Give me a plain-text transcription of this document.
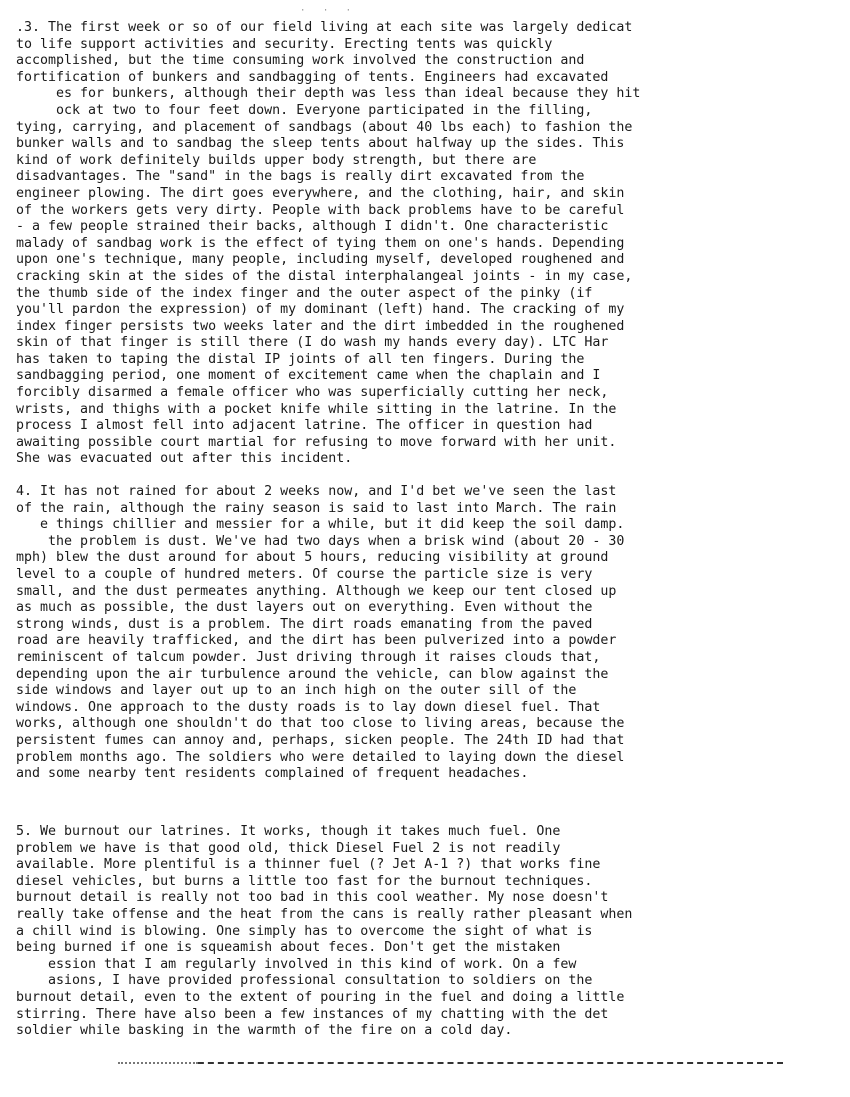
· · ·
.3. The first week or so of our field living at each site was largely dedicat
to life support activities and security. Erecting tents was quickly
accomplished, but the time consuming work involved the construction and
fortification of bunkers and sandbagging of tents. Engineers had excavated
es for bunkers, although their depth was less than ideal because they hit
ock at two to four feet down. Everyone participated in the filling,
tying, carrying, and placement of sandbags (about 40 lbs each) to fashion the
bunker walls and to sandbag the sleep tents about halfway up the sides. This
kind of work definitely builds upper body strength, but there are
disadvantages. The "sand" in the bags is really dirt excavated from the
engineer plowing. The dirt goes everywhere, and the clothing, hair, and skin
of the workers gets very dirty. People with back problems have to be careful
- a few people strained their backs, although I didn't. One characteristic
malady of sandbag work is the effect of tying them on one's hands. Depending
upon one's technique, many people, including myself, developed roughened and
cracking skin at the sides of the distal interphalangeal joints - in my case,
the thumb side of the index finger and the outer aspect of the pinky (if
you'll pardon the expression) of my dominant (left) hand. The cracking of my
index finger persists two weeks later and the dirt imbedded in the roughened
skin of that finger is still there (I do wash my hands every day). LTC Har
has taken to taping the distal IP joints of all ten fingers. During the
sandbagging period, one moment of excitement came when the chaplain and I
forcibly disarmed a female officer who was superficially cutting her neck,
wrists, and thighs with a pocket knife while sitting in the latrine. In the
process I almost fell into adjacent latrine. The officer in question had
awaiting possible court martial for refusing to move forward with her unit.
She was evacuated out after this incident.
4. It has not rained for about 2 weeks now, and I'd bet we've seen the last
of the rain, although the rainy season is said to last into March. The rain
e things chillier and messier for a while, but it did keep the soil damp.
the problem is dust. We've had two days when a brisk wind (about 20 - 30
mph) blew the dust around for about 5 hours, reducing visibility at ground
level to a couple of hundred meters. Of course the particle size is very
small, and the dust permeates anything. Although we keep our tent closed up
as much as possible, the dust layers out on everything. Even without the
strong winds, dust is a problem. The dirt roads emanating from the paved
road are heavily trafficked, and the dirt has been pulverized into a powder
reminiscent of talcum powder. Just driving through it raises clouds that,
depending upon the air turbulence around the vehicle, can blow against the
side windows and layer out up to an inch high on the outer sill of the
windows. One approach to the dusty roads is to lay down diesel fuel. That
works, although one shouldn't do that too close to living areas, because the
persistent fumes can annoy and, perhaps, sicken people. The 24th ID had that
problem months ago. The soldiers who were detailed to laying down the diesel
and some nearby tent residents complained of frequent headaches.
5. We burnout our latrines. It works, though it takes much fuel. One
problem we have is that good old, thick Diesel Fuel 2 is not readily
available. More plentiful is a thinner fuel (? Jet A-1 ?) that works fine
diesel vehicles, but burns a little too fast for the burnout techniques.
burnout detail is really not too bad in this cool weather. My nose doesn't
really take offense and the heat from the cans is really rather pleasant when
a chill wind is blowing. One simply has to overcome the sight of what is
being burned if one is squeamish about feces. Don't get the mistaken
ession that I am regularly involved in this kind of work. On a few
asions, I have provided professional consultation to soldiers on the
burnout detail, even to the extent of pouring in the fuel and doing a little
stirring. There have also been a few instances of my chatting with the det
soldier while basking in the warmth of the fire on a cold day.
